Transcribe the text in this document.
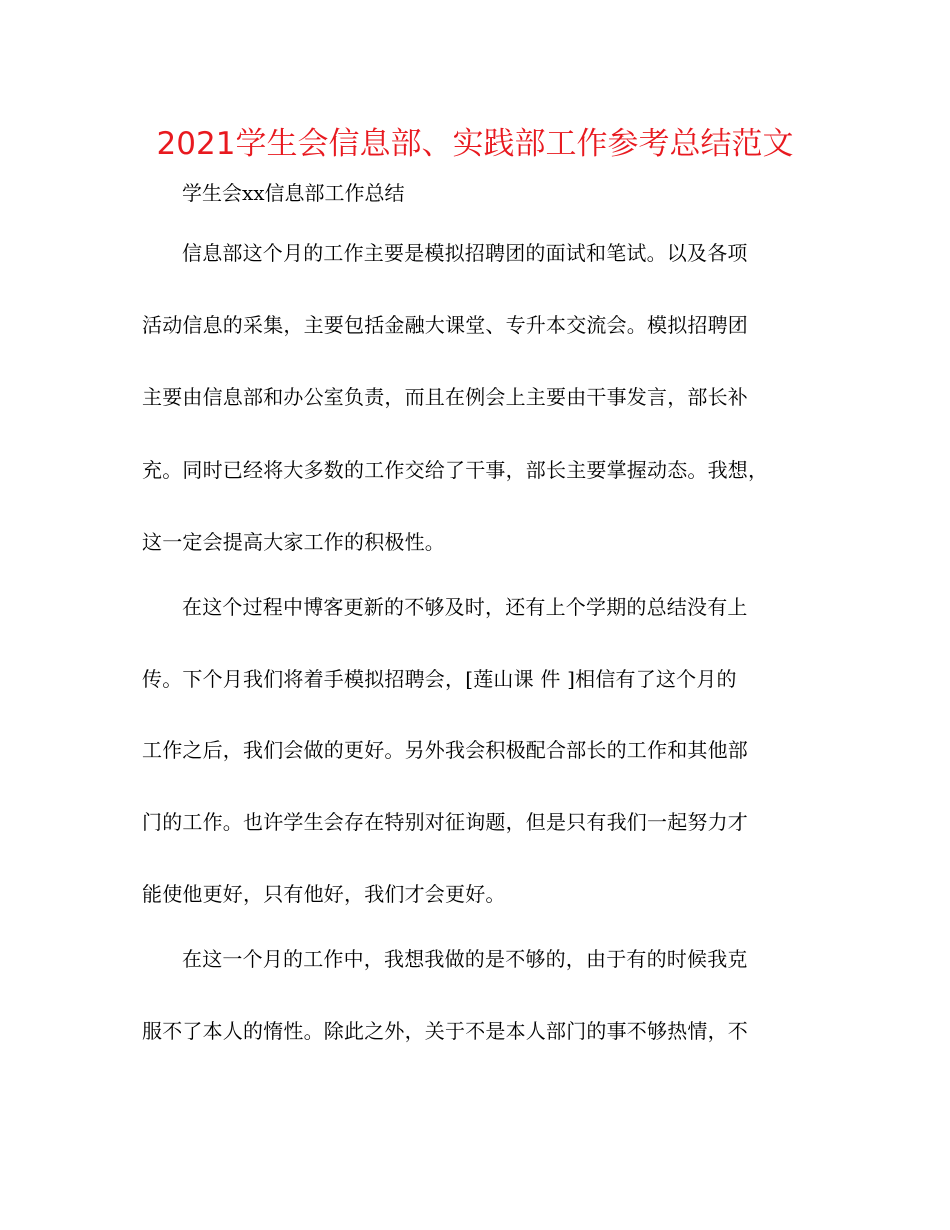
2021学生会信息部、实践部工作参考总结范文
学生会xx信息部工作总结
信息部这个月的工作主要是模拟招聘团的面试和笔试。以及各项
活动信息的采集，主要包括金融大课堂、专升本交流会。模拟招聘团
主要由信息部和办公室负责，而且在例会上主要由干事发言，部长补
充。同时已经将大多数的工作交给了干事，部长主要掌握动态。我想，
这一定会提高大家工作的积极性。
在这个过程中博客更新的不够及时，还有上个学期的总结没有上
传。下个月我们将着手模拟招聘会，[莲山课 件 ]相信有了这个月的
工作之后，我们会做的更好。另外我会积极配合部长的工作和其他部
门的工作。也许学生会存在特别对征询题，但是只有我们一起努力才
能使他更好，只有他好，我们才会更好。
在这一个月的工作中，我想我做的是不够的，由于有的时候我克
服不了本人的惰性。除此之外，关于不是本人部门的事不够热情，不
